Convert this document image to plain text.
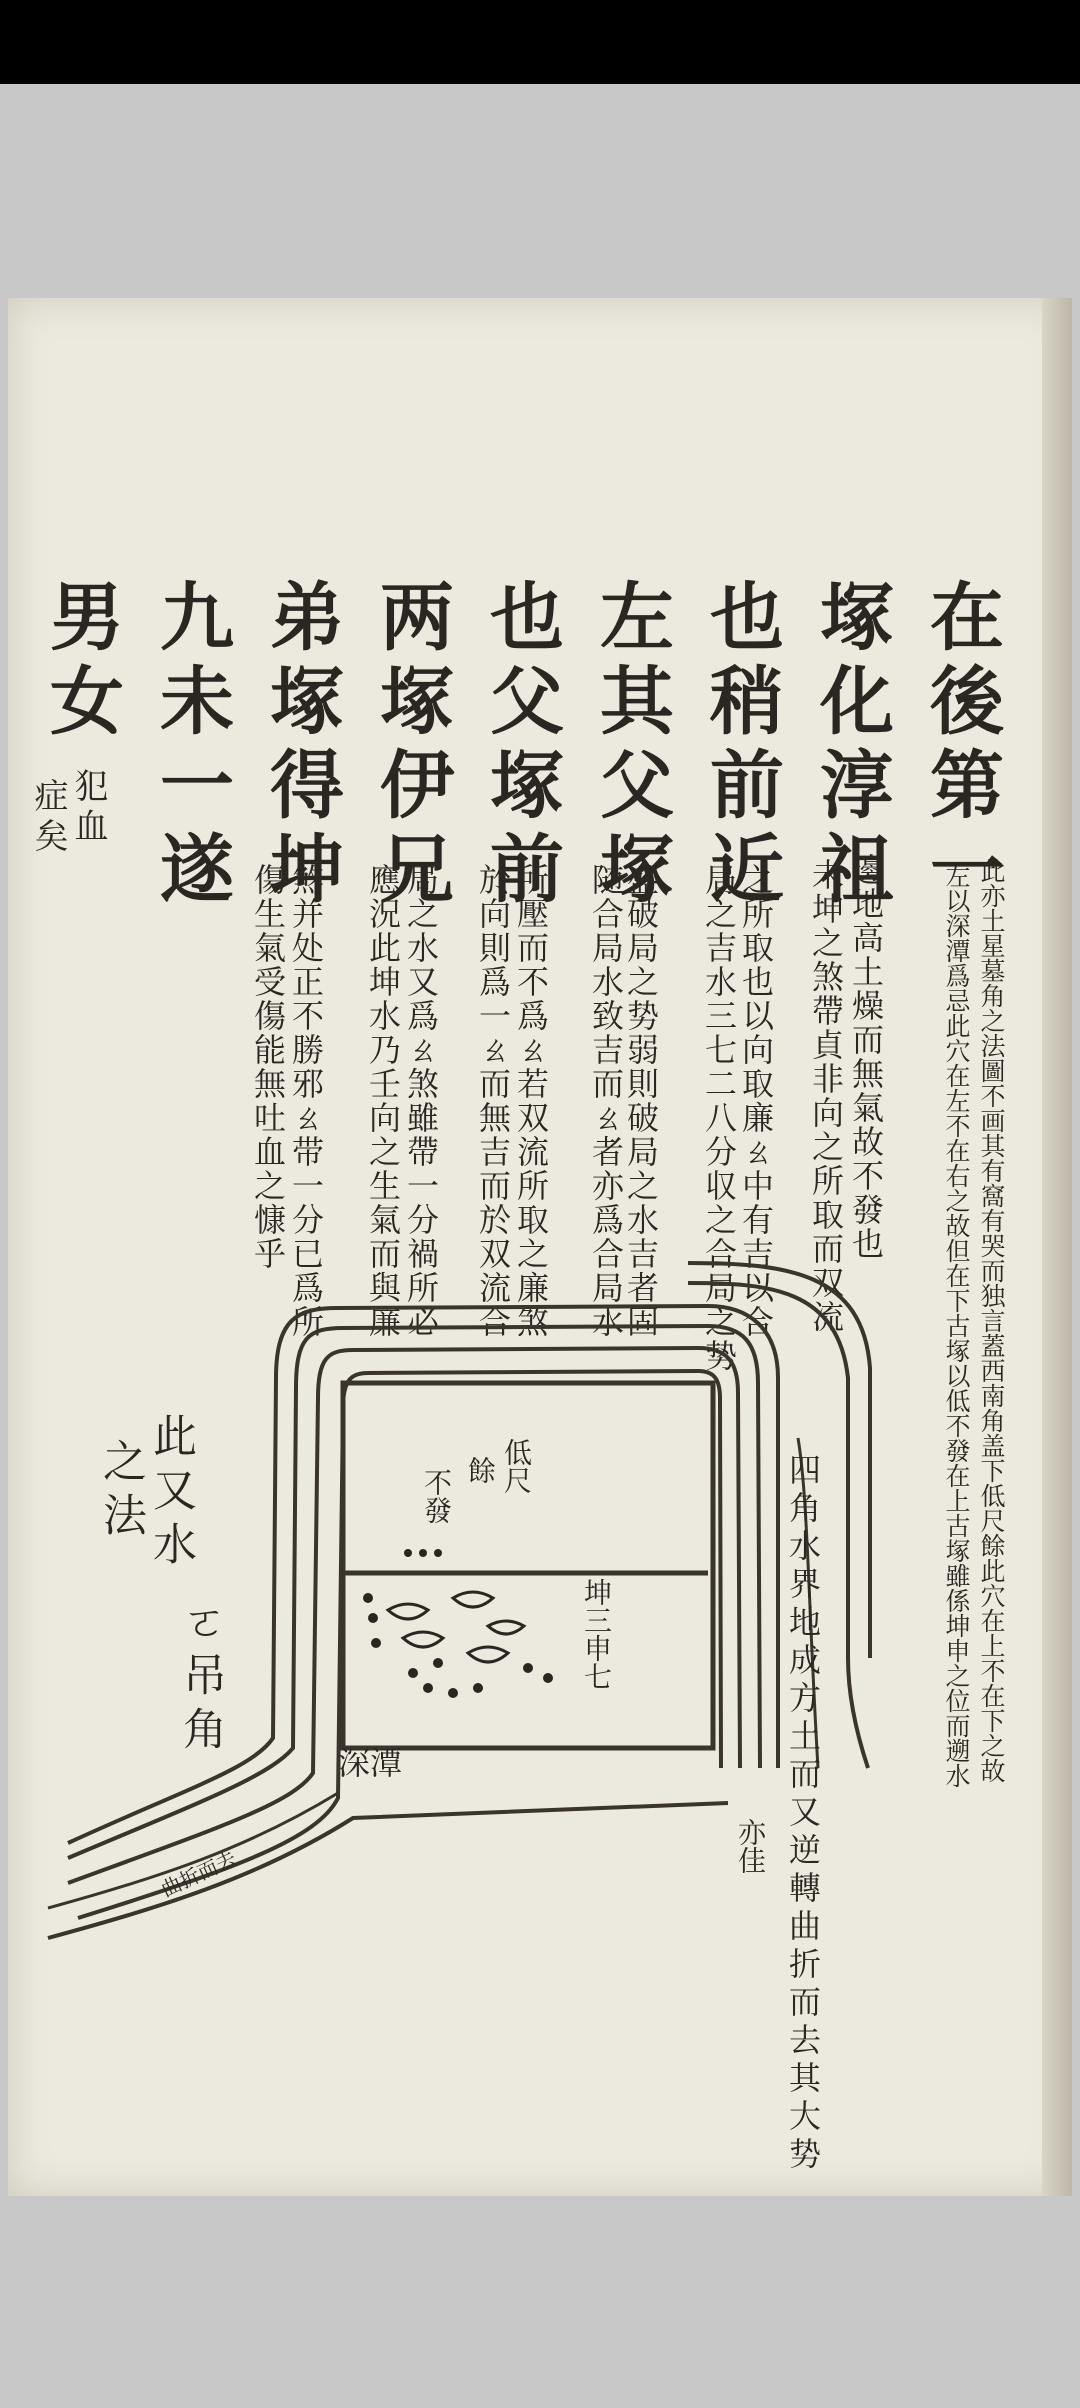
在後第一
塚化淳祖
也稍前近
左其父塚
也父塚前
两塚伊兄
弟塚得坤
九未一遂
男女
犯血
症矣
此亦土星墓角之法圖不画其有窩有哭而独言蓋西南角盖下低尺餘此穴在上不在下之故
左以深潭爲忌此穴在左不在右之故但在下古塚以低不發在上古塚雖係坤申之位而遡水
邊地高土燥而無氣故不發也
未坤之煞帶貞非向之所取而双流
之所取也以向取廉ㄠ中有吉以合
局之吉水三七二八分収之合局之势
盛破局之势弱則破局之水吉者固
随合局水致吉而ㄠ者亦爲合局水
所壓而不爲ㄠ若双流所取之廉煞
於向則爲一ㄠ而無吉而於双流合
局之水又爲ㄠ煞雖帶一分禍所必
應況此坤水乃壬向之生氣而與廉
煞并处正不勝邪ㄠ带一分已爲所
傷生氣受傷能無吐血之慷乎
此又水
ㄛ吊角
之法	四角水界地成方土而又逆轉曲折而去其大势
亦佳
低尺
餘
不發
坤三申七
深潭
曲折而去
